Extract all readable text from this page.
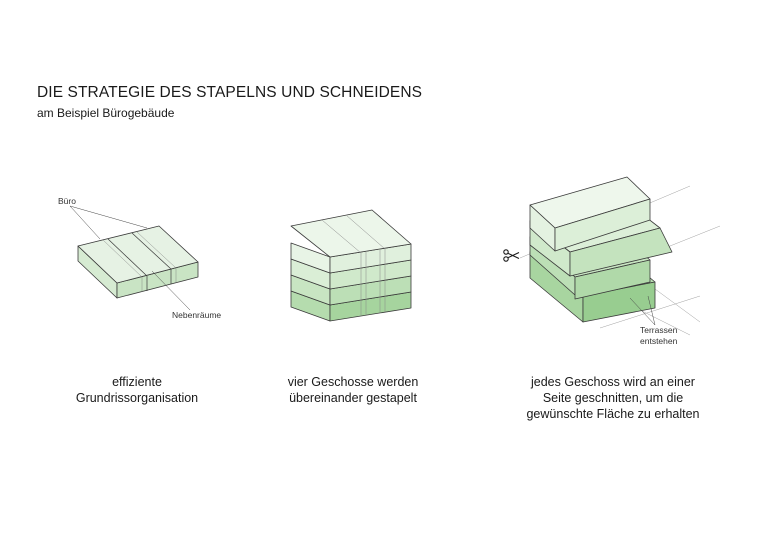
DIE STRATEGIE DES STAPELNS UND SCHNEIDENS
am Beispiel Bürogebäude
Büro
Nebenräume
Terrassen entstehen
effiziente
Grundrissorganisation
vier Geschosse werden
übereinander gestapelt
jedes Geschoss wird an einer
Seite geschnitten, um die
gewünschte Fläche zu erhalten
